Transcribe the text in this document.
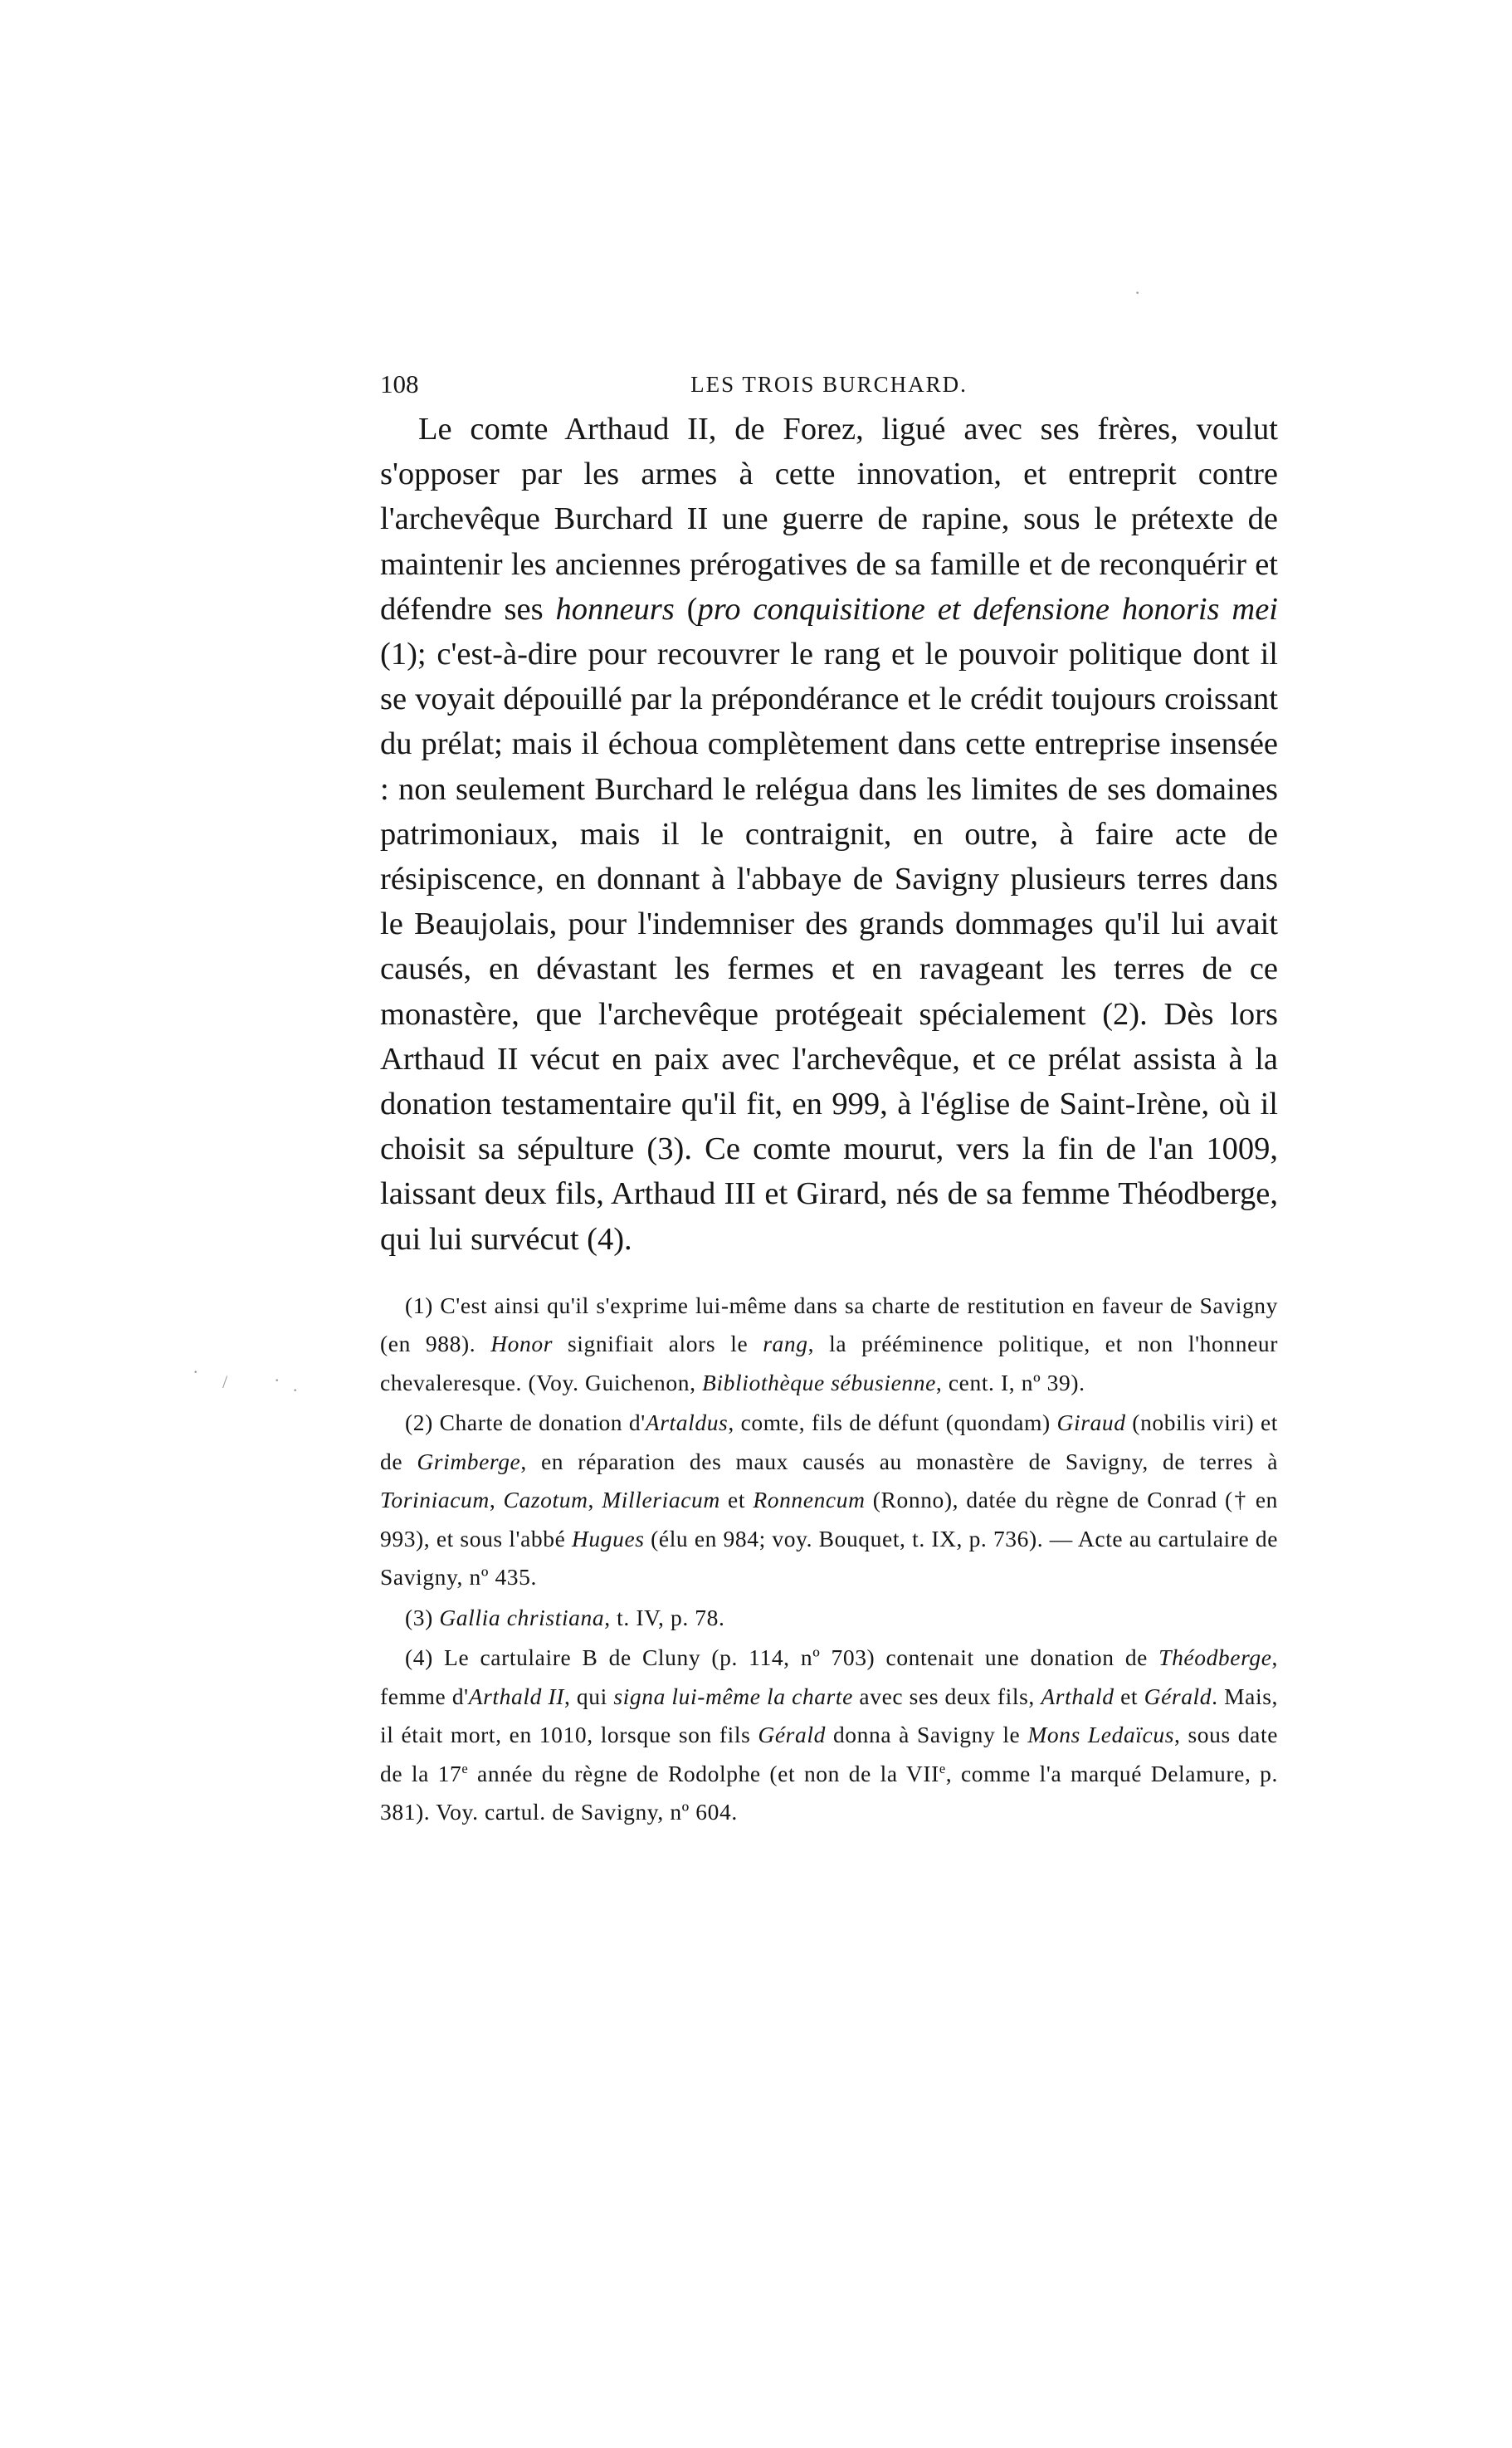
·
· /	· ·
108	LES TROIS BURCHARD.

Le comte Arthaud II, de Forez, ligué avec ses frères, voulut s'opposer par les armes à cette innovation, et entreprit contre l'archevêque Burchard II une guerre de rapine, sous le prétexte de maintenir les anciennes prérogatives de sa famille et de reconquérir et défendre ses honneurs (pro conquisitione et defensione honoris mei (1); c'est-à-dire pour recouvrer le rang et le pouvoir politique dont il se voyait dépouillé par la prépondérance et le crédit toujours croissant du prélat; mais il échoua complètement dans cette entreprise insensée : non seulement Burchard le relégua dans les limites de ses domaines patrimoniaux, mais il le contraignit, en outre, à faire acte de résipiscence, en donnant à l'abbaye de Savigny plusieurs terres dans le Beaujolais, pour l'indemniser des grands dommages qu'il lui avait causés, en dévastant les fermes et en ravageant les terres de ce monastère, que l'archevêque protégeait spécialement (2). Dès lors Arthaud II vécut en paix avec l'archevêque, et ce prélat assista à la donation testamentaire qu'il fit, en 999, à l'église de Saint-Irène, où il choisit sa sépulture (3). Ce comte mourut, vers la fin de l'an 1009, laissant deux fils, Arthaud III et Girard, nés de sa femme Théodberge, qui lui survécut (4).

(1) C'est ainsi qu'il s'exprime lui-même dans sa charte de restitution en faveur de Savigny (en 988). Honor signifiait alors le rang, la prééminence politique, et non l'honneur chevaleresque. (Voy. Guichenon, Bibliothèque sébusienne, cent. I, nº 39).

(2) Charte de donation d'Artaldus, comte, fils de défunt (quondam) Giraud (nobilis viri) et de Grimberge, en réparation des maux causés au monastère de Savigny, de terres à Toriniacum, Cazotum, Milleriacum et Ronnencum (Ronno), datée du règne de Conrad († en 993), et sous l'abbé Hugues (élu en 984; voy. Bouquet, t. IX, p. 736). — Acte au cartulaire de Savigny, nº 435.

(3) Gallia christiana, t. IV, p. 78.

(4) Le cartulaire B de Cluny (p. 114, nº 703) contenait une donation de Théodberge, femme d'Arthald II, qui signa lui-même la charte avec ses deux fils, Arthald et Gérald. Mais, il était mort, en 1010, lorsque son fils Gérald donna à Savigny le Mons Ledaïcus, sous date de la 17e année du règne de Rodolphe (et non de la VIIe, comme l'a marqué Delamure, p. 381). Voy. cartul. de Savigny, nº 604.
